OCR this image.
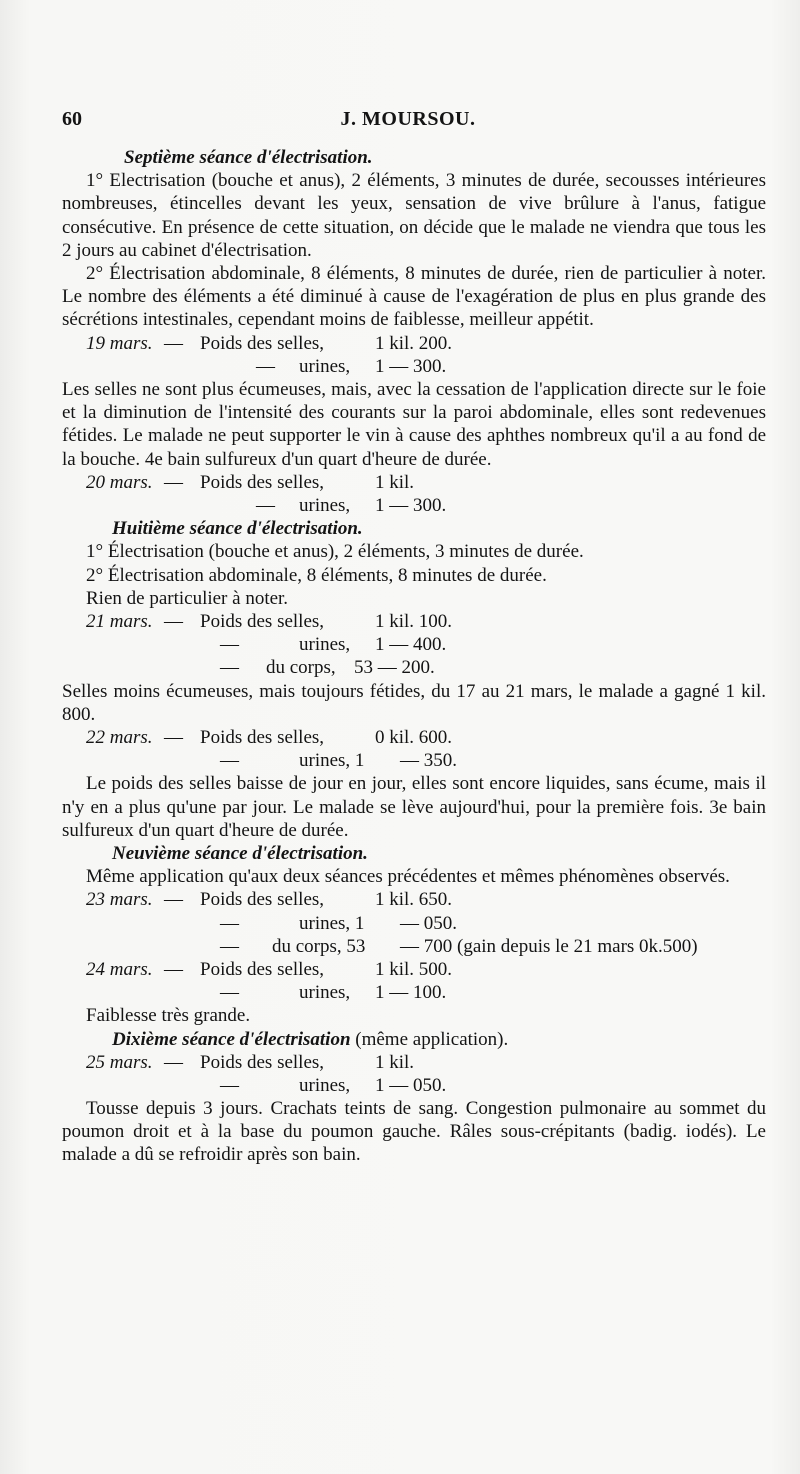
60	J. MOURSOU.

Septième séance d'électrisation.

1° Electrisation (bouche et anus), 2 éléments, 3 minutes de durée, secousses intérieures nombreuses, étincelles devant les yeux, sensation de vive brûlure à l'anus, fatigue consécutive. En présence de cette situation, on décide que le malade ne viendra que tous les 2 jours au cabinet d'électrisation.

2° Électrisation abdominale, 8 éléments, 8 minutes de durée, rien de particulier à noter. Le nombre des éléments a été diminué à cause de l'exagération de plus en plus grande des sécrétions intestinales, cependant moins de faiblesse, meilleur appétit.

19 mars. — Poids des selles,	1 kil. 200.
— urines, 1 — 300.

Les selles ne sont plus écumeuses, mais, avec la cessation de l'application directe sur le foie et la diminution de l'intensité des courants sur la paroi abdominale, elles sont redevenues fétides. Le malade ne peut supporter le vin à cause des aphthes nombreux qu'il a au fond de la bouche. 4e bain sulfureux d'un quart d'heure de durée.

20 mars. — Poids des selles,	1 kil.
— urines, 1 — 300.

Huitième séance d'électrisation.

1° Électrisation (bouche et anus), 2 éléments, 3 minutes de durée.

2° Électrisation abdominale, 8 éléments, 8 minutes de durée.

Rien de particulier à noter.

21 mars. — Poids des selles,	1 kil. 100.
—	urines, 1 — 400.
— du corps, 53 — 200.

Selles moins écumeuses, mais toujours fétides, du 17 au 21 mars, le malade a gagné 1 kil. 800.

22 mars. — Poids des selles,	0 kil. 600.
—	urines, 1 — 350.

Le poids des selles baisse de jour en jour, elles sont encore liquides, sans écume, mais il n'y en a plus qu'une par jour. Le malade se lève aujourd'hui, pour la première fois. 3e bain sulfureux d'un quart d'heure de durée.

Neuvième séance d'électrisation.

Même application qu'aux deux séances précédentes et mêmes phénomènes observés.

23 mars. — Poids des selles,	1 kil. 650.
—	urines, 1 — 050.
— du corps, 53 — 700 (gain depuis le 21 mars 0k.500)
24 mars. — Poids des selles,	1 kil. 500.
—	urines, 1 — 100.

Faiblesse très grande.

Dixième séance d'électrisation (même application).

25 mars. — Poids des selles,	1 kil.
—	urines, 1 — 050.

Tousse depuis 3 jours. Crachats teints de sang. Congestion pulmonaire au sommet du poumon droit et à la base du poumon gauche. Râles sous-crépitants (badig. iodés). Le malade a dû se refroidir après son bain.
